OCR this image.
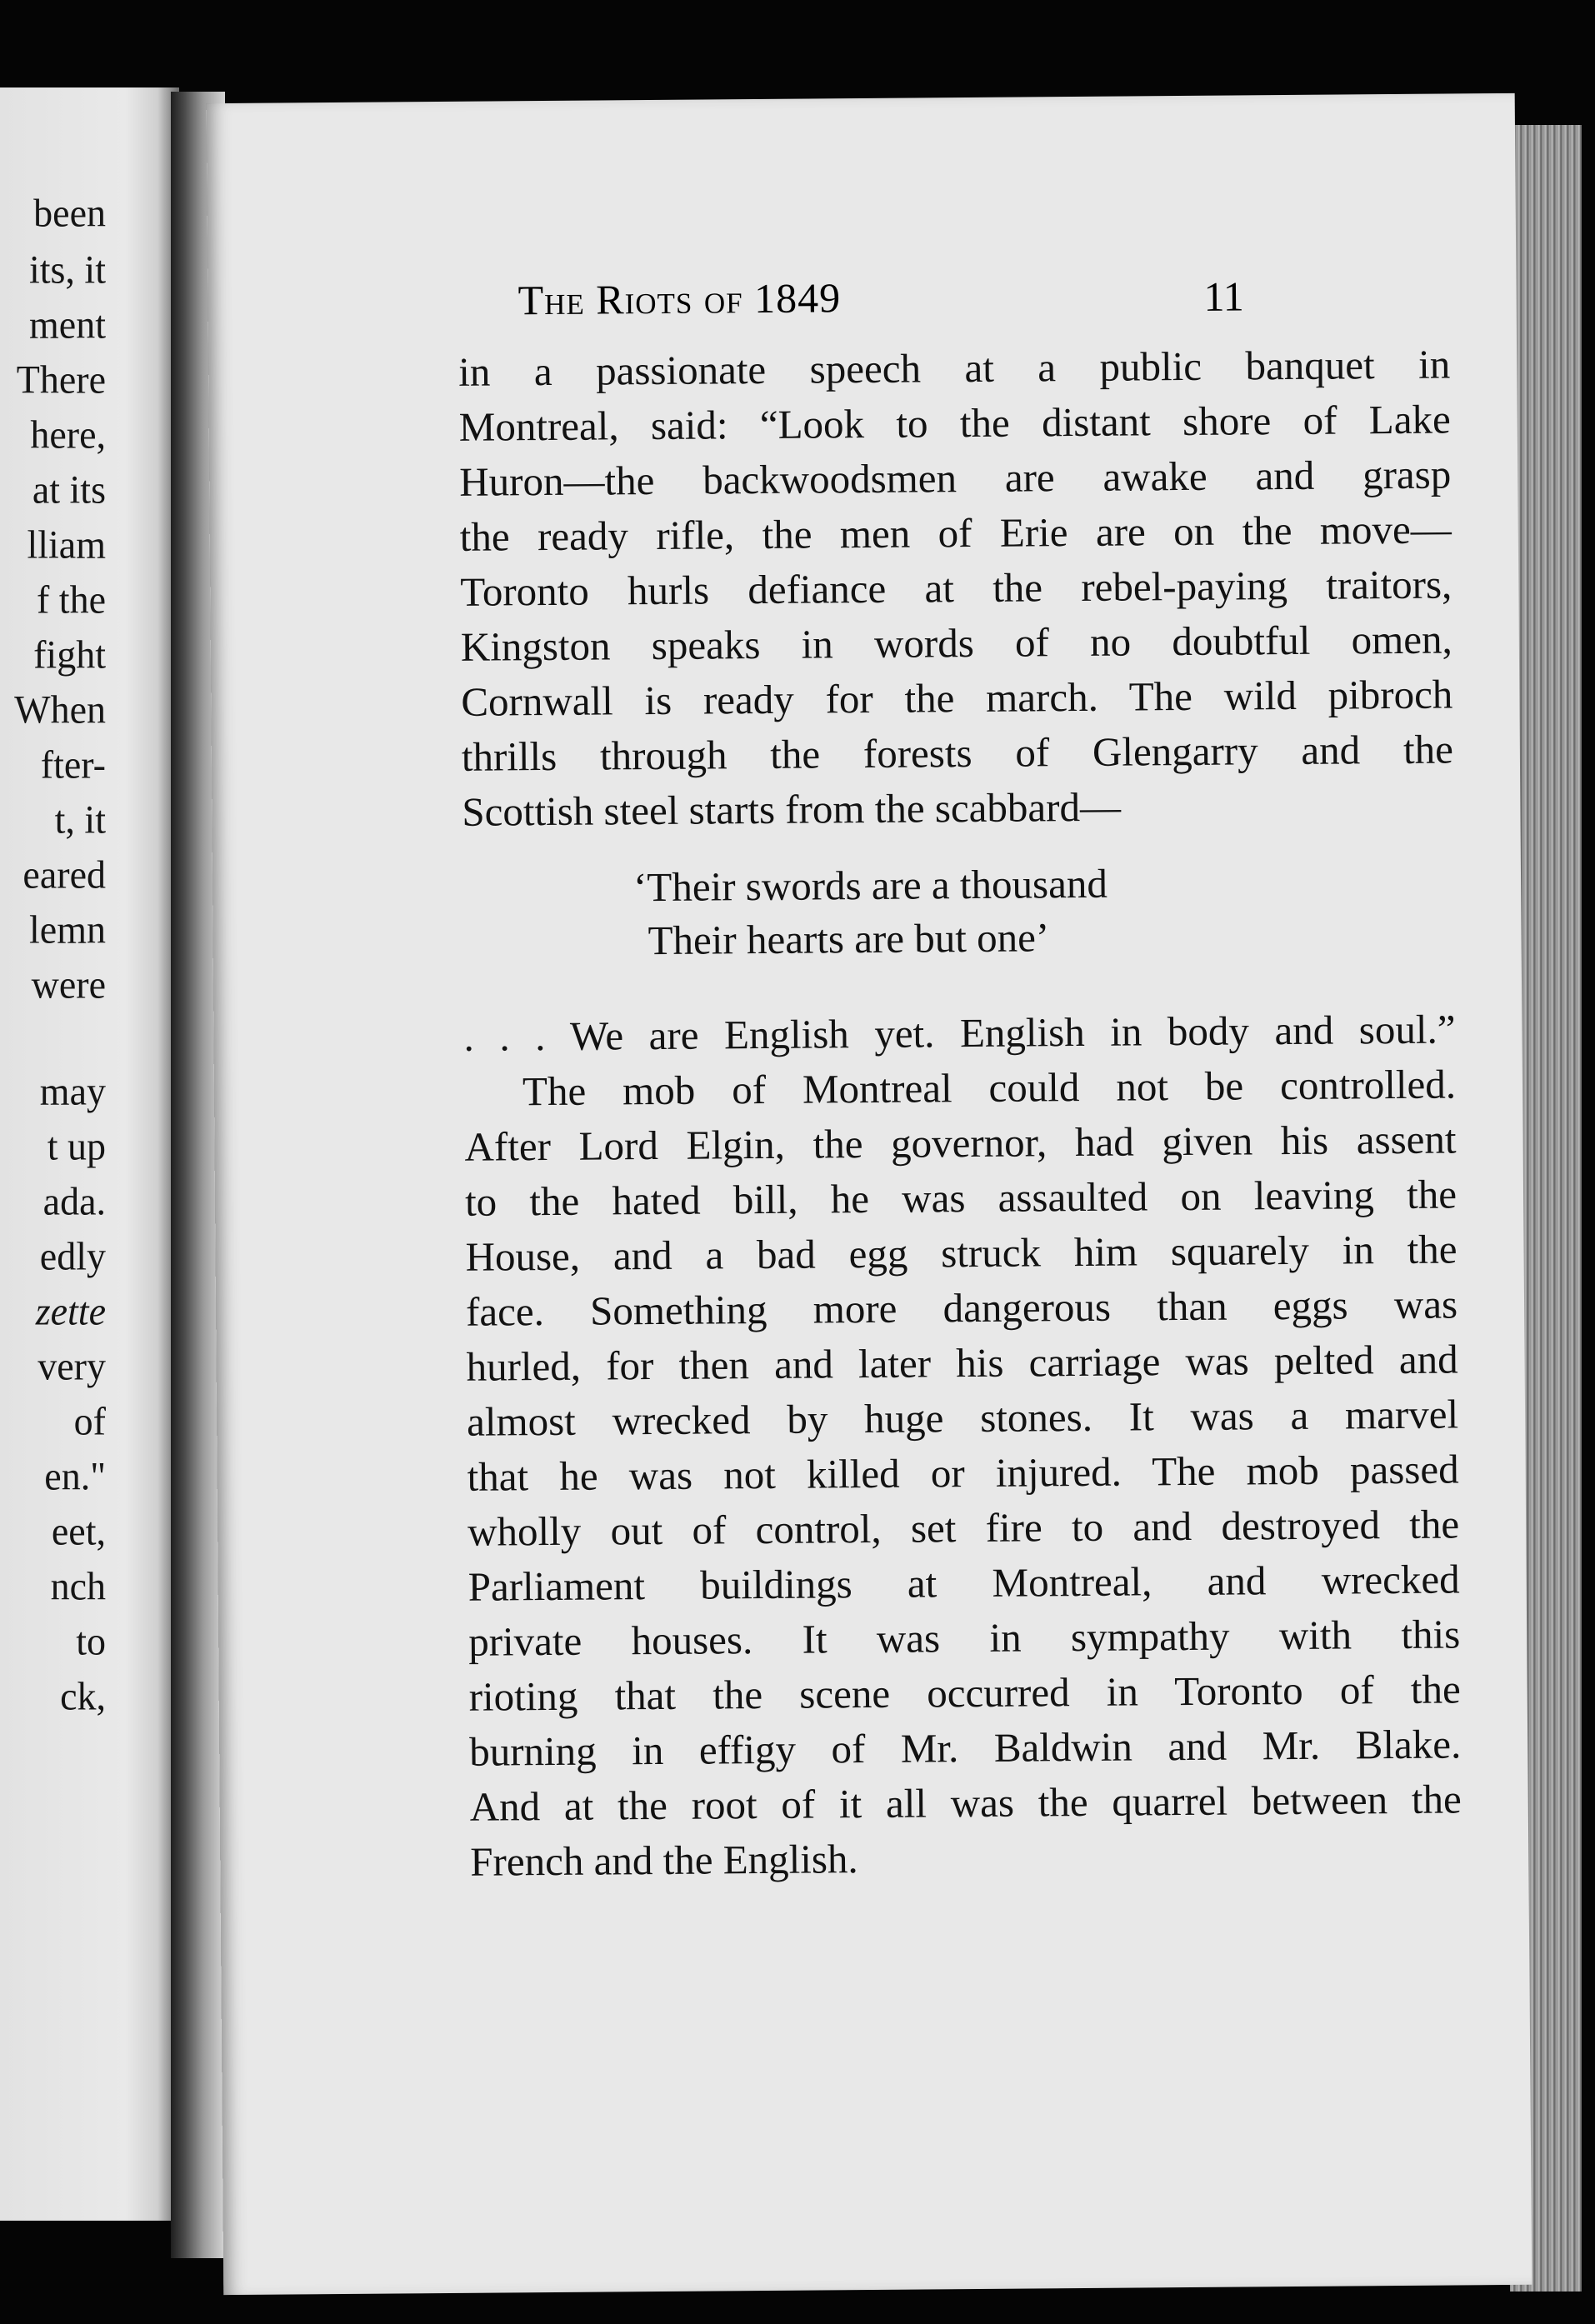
been
its, it
ment
There
here,
at its
lliam
f the
fight
When
fter-
t, it
eared
lemn
were
may
t up
ada.
edly
zette
very
of
en."
eet,
nch
to
ck,
The Riots of 1849	11
in a passionate speech at a public banquet in
Montreal, said: “Look to the distant shore of Lake
Huron—the backwoodsmen are awake and grasp
the ready rifle, the men of Erie are on the move—
Toronto hurls defiance at the rebel-paying traitors,
Kingston speaks in words of no doubtful omen,
Cornwall is ready for the march. The wild pibroch
thrills through the forests of Glengarry and the
Scottish steel starts from the scabbard—
‘Their swords are a thousand
Their hearts are but one’
. . . We are English yet. English in body and soul.”
The mob of Montreal could not be controlled.
After Lord Elgin, the governor, had given his assent
to the hated bill, he was assaulted on leaving the
House, and a bad egg struck him squarely in the
face. Something more dangerous than eggs was
hurled, for then and later his carriage was pelted and
almost wrecked by huge stones. It was a marvel
that he was not killed or injured. The mob passed
wholly out of control, set fire to and destroyed the
Parliament buildings at Montreal, and wrecked
private houses. It was in sympathy with this
rioting that the scene occurred in Toronto of the
burning in effigy of Mr. Baldwin and Mr. Blake.
And at the root of it all was the quarrel between the
French and the English.
